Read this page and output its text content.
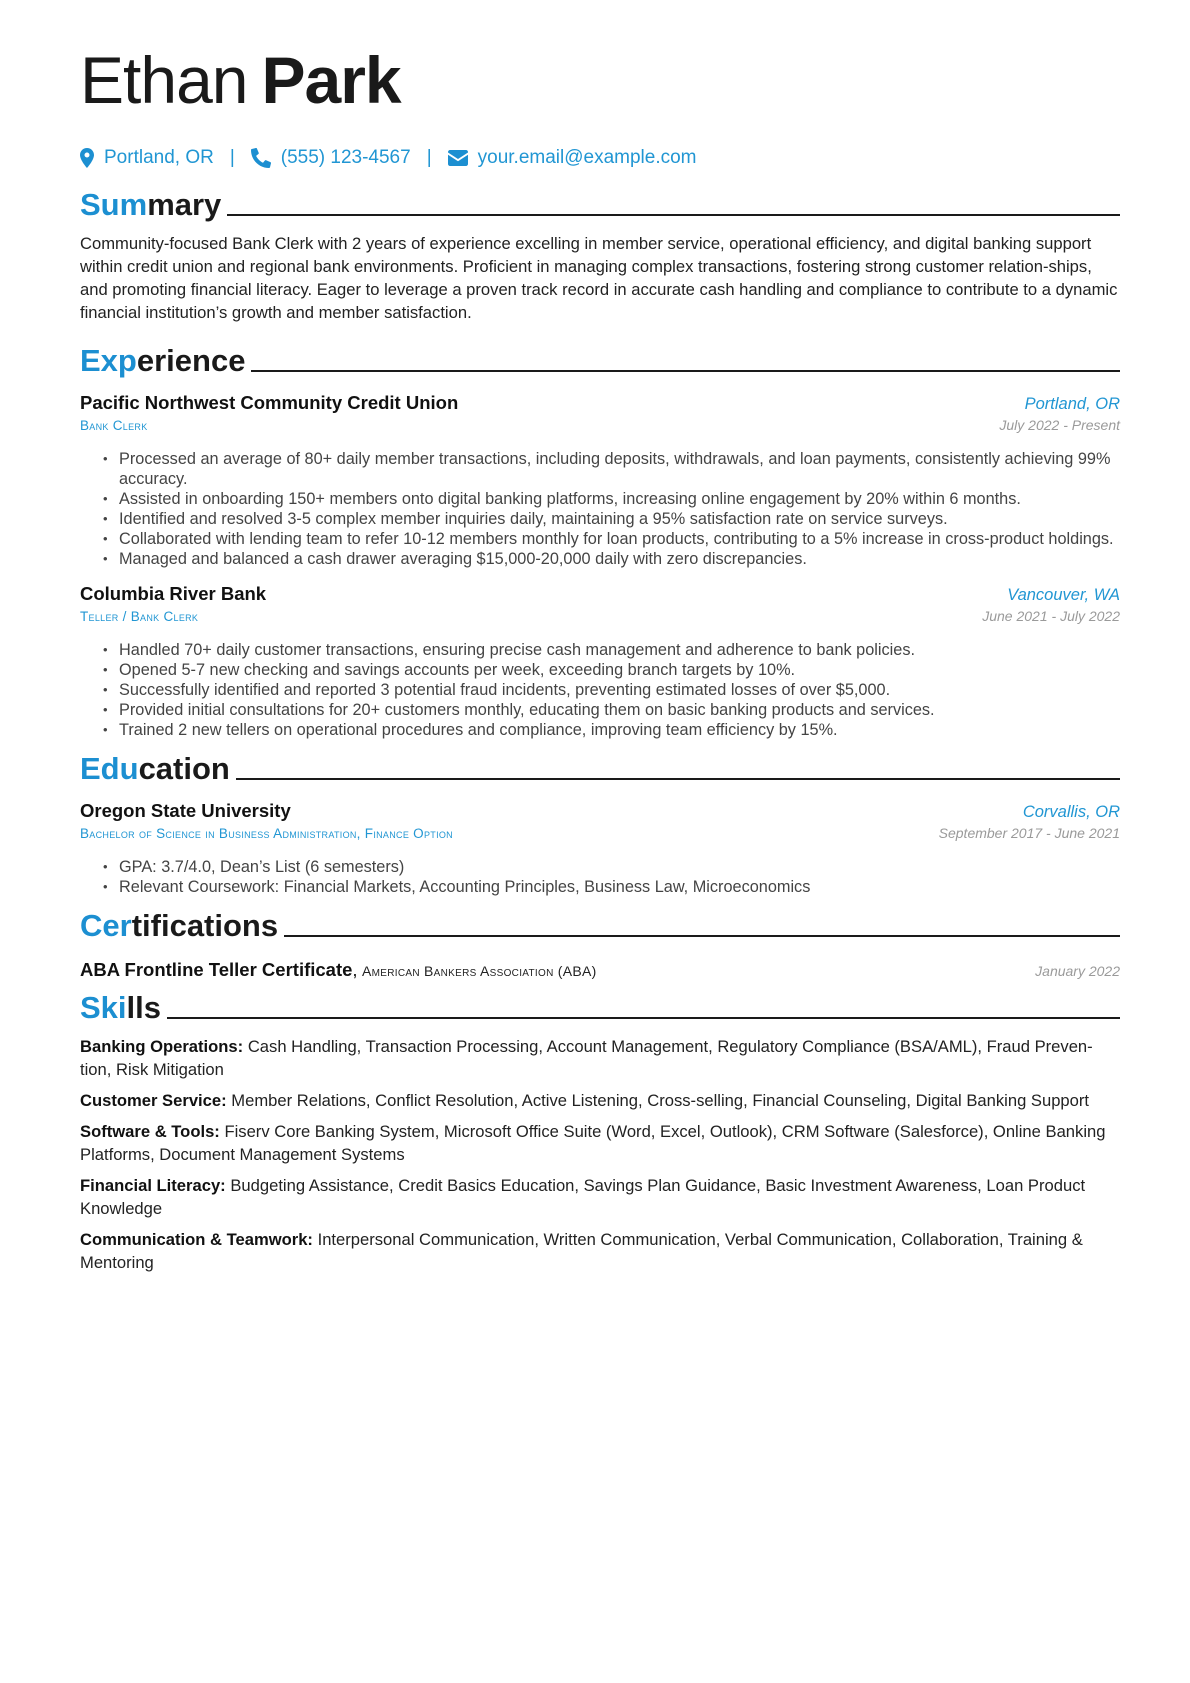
Ethan Park
Portland, OR | (555) 123-4567 | your.email@example.com
Summary
Community-focused Bank Clerk with 2 years of experience excelling in member service, operational efficiency, and digital banking support within credit union and regional bank environments. Proficient in managing complex transactions, fostering strong customer relation-ships, and promoting financial literacy. Eager to leverage a proven track record in accurate cash handling and compliance to contribute to a dynamic financial institution’s growth and member satisfaction.
Experience
Pacific Northwest Community Credit Union	Portland, OR
Bank Clerk	July 2022 - Present
• Processed an average of 80+ daily member transactions, including deposits, withdrawals, and loan payments, consistently achieving 99% accuracy.
• Assisted in onboarding 150+ members onto digital banking platforms, increasing online engagement by 20% within 6 months.
• Identified and resolved 3-5 complex member inquiries daily, maintaining a 95% satisfaction rate on service surveys.
• Collaborated with lending team to refer 10-12 members monthly for loan products, contributing to a 5% increase in cross-product holdings.
• Managed and balanced a cash drawer averaging $15,000-20,000 daily with zero discrepancies.
Columbia River Bank	Vancouver, WA
Teller / Bank Clerk	June 2021 - July 2022
• Handled 70+ daily customer transactions, ensuring precise cash management and adherence to bank policies.
• Opened 5-7 new checking and savings accounts per week, exceeding branch targets by 10%.
• Successfully identified and reported 3 potential fraud incidents, preventing estimated losses of over $5,000.
• Provided initial consultations for 20+ customers monthly, educating them on basic banking products and services.
• Trained 2 new tellers on operational procedures and compliance, improving team efficiency by 15%.
Education
Oregon State University	Corvallis, OR
Bachelor of Science in Business Administration, Finance Option	September 2017 - June 2021
• GPA: 3.7/4.0, Dean’s List (6 semesters)
• Relevant Coursework: Financial Markets, Accounting Principles, Business Law, Microeconomics
Certifications
ABA Frontline Teller Certificate, American Bankers Association (ABA)	January 2022
Skills
Banking Operations: Cash Handling, Transaction Processing, Account Management, Regulatory Compliance (BSA/AML), Fraud Preven-tion, Risk Mitigation
Customer Service: Member Relations, Conflict Resolution, Active Listening, Cross-selling, Financial Counseling, Digital Banking Support
Software & Tools: Fiserv Core Banking System, Microsoft Office Suite (Word, Excel, Outlook), CRM Software (Salesforce), Online Banking Platforms, Document Management Systems
Financial Literacy: Budgeting Assistance, Credit Basics Education, Savings Plan Guidance, Basic Investment Awareness, Loan Product Knowledge
Communication & Teamwork: Interpersonal Communication, Written Communication, Verbal Communication, Collaboration, Training & Mentoring
